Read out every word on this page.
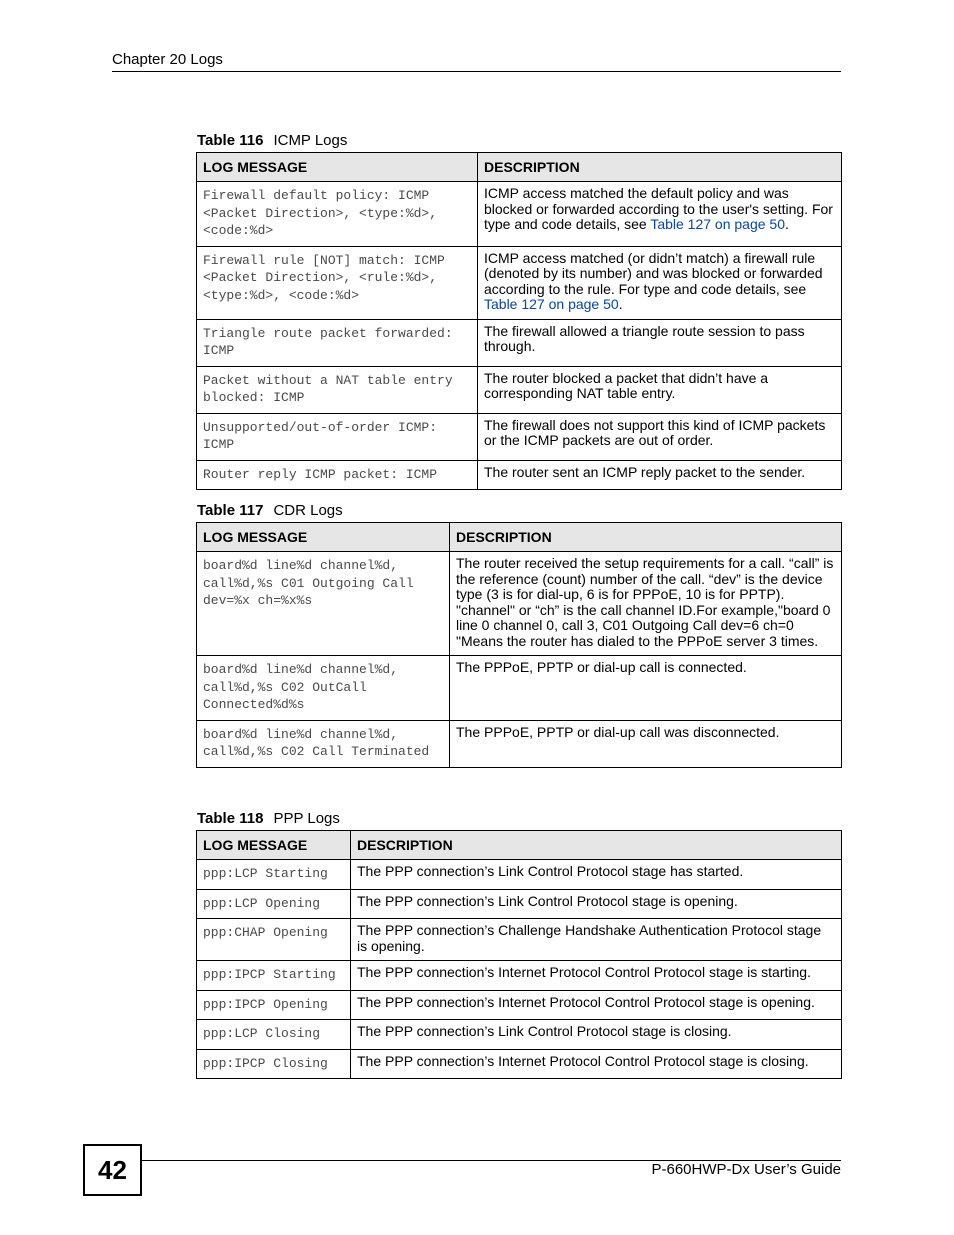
Chapter 20 Logs
Table 116 ICMP Logs
LOG MESSAGE	DESCRIPTION
Firewall default policy: ICMP <Packet Direction>, <type:%d>, <code:%d>	ICMP access matched the default policy and was blocked or forwarded according to the user's setting. For type and code details, see Table 127 on page 50.
Firewall rule [NOT] match: ICMP <Packet Direction>, <rule:%d>, <type:%d>, <code:%d>	ICMP access matched (or didn’t match) a firewall rule (denoted by its number) and was blocked or forwarded according to the rule. For type and code details, see Table 127 on page 50.
Triangle route packet forwarded: ICMP	The firewall allowed a triangle route session to pass through.
Packet without a NAT table entry blocked: ICMP	The router blocked a packet that didn’t have a corresponding NAT table entry.
Unsupported/out-of-order ICMP: ICMP	The firewall does not support this kind of ICMP packets or the ICMP packets are out of order.
Router reply ICMP packet: ICMP	The router sent an ICMP reply packet to the sender.
Table 117 CDR Logs
LOG MESSAGE	DESCRIPTION
board%d line%d channel%d, call%d,%s C01 Outgoing Call dev=%x ch=%x%s	The router received the setup requirements for a call. “call” is the reference (count) number of the call. “dev” is the device type (3 is for dial-up, 6 is for PPPoE, 10 is for PPTP). "channel" or “ch” is the call channel ID.For example,"board 0 line 0 channel 0, call 3, C01 Outgoing Call dev=6 ch=0 "Means the router has dialed to the PPPoE server 3 times.
board%d line%d channel%d, call%d,%s C02 OutCall Connected%d%s	The PPPoE, PPTP or dial-up call is connected.
board%d line%d channel%d, call%d,%s C02 Call Terminated	The PPPoE, PPTP or dial-up call was disconnected.
Table 118 PPP Logs
LOG MESSAGE	DESCRIPTION
ppp:LCP Starting	The PPP connection’s Link Control Protocol stage has started.
ppp:LCP Opening	The PPP connection’s Link Control Protocol stage is opening.
ppp:CHAP Opening	The PPP connection’s Challenge Handshake Authentication Protocol stage is opening.
ppp:IPCP Starting	The PPP connection’s Internet Protocol Control Protocol stage is starting.
ppp:IPCP Opening	The PPP connection’s Internet Protocol Control Protocol stage is opening.
ppp:LCP Closing	The PPP connection’s Link Control Protocol stage is closing.
ppp:IPCP Closing	The PPP connection’s Internet Protocol Control Protocol stage is closing.
42	P-660HWP-Dx User’s Guide
